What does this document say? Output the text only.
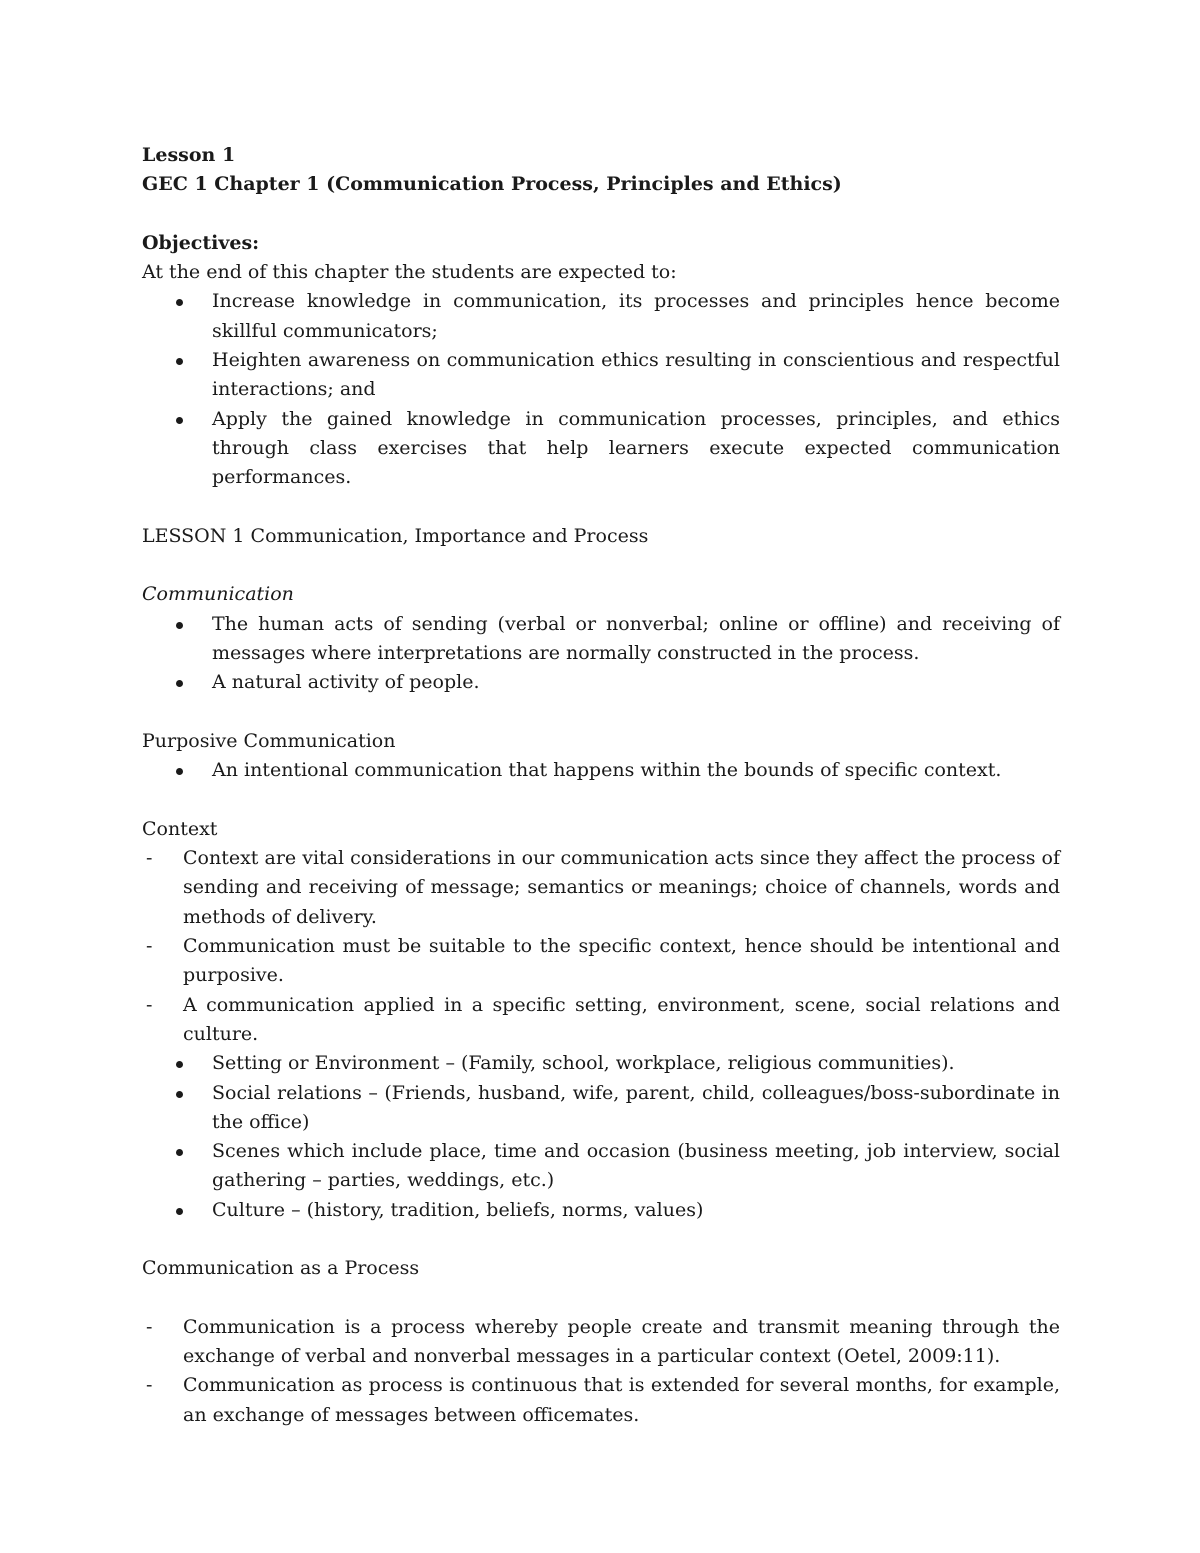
Lesson 1

GEC 1 Chapter 1 (Communication Process, Principles and Ethics)

Objectives:

At the end of this chapter the students are expected to:

Increase knowledge in communication, its processes and principles hence become skillful communicators;
Heighten awareness on communication ethics resulting in conscientious and respectful interactions; and
Apply the gained knowledge in communication processes, principles, and ethics through class exercises that help learners execute expected communication performances.

LESSON 1 Communication, Importance and Process

Communication

The human acts of sending (verbal or nonverbal; online or offline) and receiving of messages where interpretations are normally constructed in the process.
A natural activity of people.

Purposive Communication

An intentional communication that happens within the bounds of specific context.

Context

- Context are vital considerations in our communication acts since they affect the process of sending and receiving of message; semantics or meanings; choice of channels, words and methods of delivery.
- Communication must be suitable to the specific context, hence should be intentional and purposive.
- A communication applied in a specific setting, environment, scene, social relations and culture.
Setting or Environment – (Family, school, workplace, religious communities).
Social relations – (Friends, husband, wife, parent, child, colleagues/boss-subordinate in the office)
Scenes which include place, time and occasion (business meeting, job interview, social gathering – parties, weddings, etc.)
Culture – (history, tradition, beliefs, norms, values)

Communication as a Process

- Communication is a process whereby people create and transmit meaning through the exchange of verbal and nonverbal messages in a particular context (Oetel, 2009:11).
- Communication as process is continuous that is extended for several months, for example, an exchange of messages between officemates.
